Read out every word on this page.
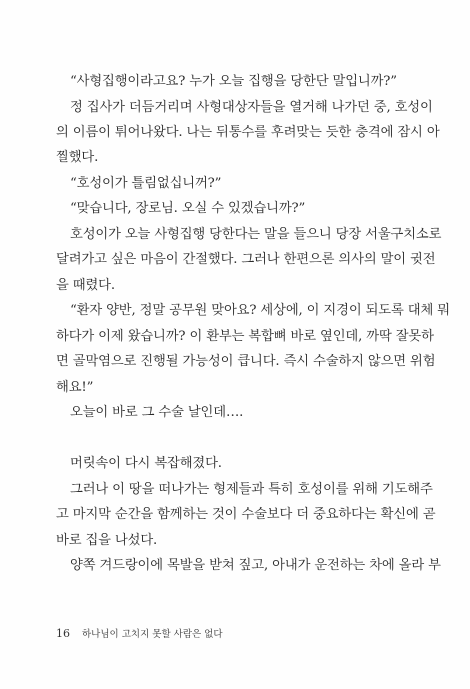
“사형집행이라고요? 누가 오늘 집행을 당한단 말입니까?”
정 집사가 더듬거리며 사형대상자들을 열거해 나가던 중, 호성이
의 이름이 튀어나왔다. 나는 뒤통수를 후려맞는 듯한 충격에 잠시 아
찔했다.
“호성이가 틀림없십니꺼?”
“맞습니다, 장로님. 오실 수 있겠습니까?”
호성이가 오늘 사형집행 당한다는 말을 들으니 당장 서울구치소로
달려가고 싶은 마음이 간절했다. 그러나 한편으론 의사의 말이 귓전
을 때렸다.
“환자 양반, 정말 공무원 맞아요? 세상에, 이 지경이 되도록 대체 뭐
하다가 이제 왔습니까? 이 환부는 복합뼈 바로 옆인데, 까딱 잘못하
면 골막염으로 진행될 가능성이 큽니다. 즉시 수술하지 않으면 위험
해요!”
오늘이 바로 그 수술 날인데….
머릿속이 다시 복잡해졌다.
그러나 이 땅을 떠나가는 형제들과 특히 호성이를 위해 기도해주
고 마지막 순간을 함께하는 것이 수술보다 더 중요하다는 확신에 곧
바로 집을 나섰다.
양쪽 겨드랑이에 목발을 받쳐 짚고, 아내가 운전하는 차에 올라 부
16 하나님이 고치지 못할 사람은 없다
